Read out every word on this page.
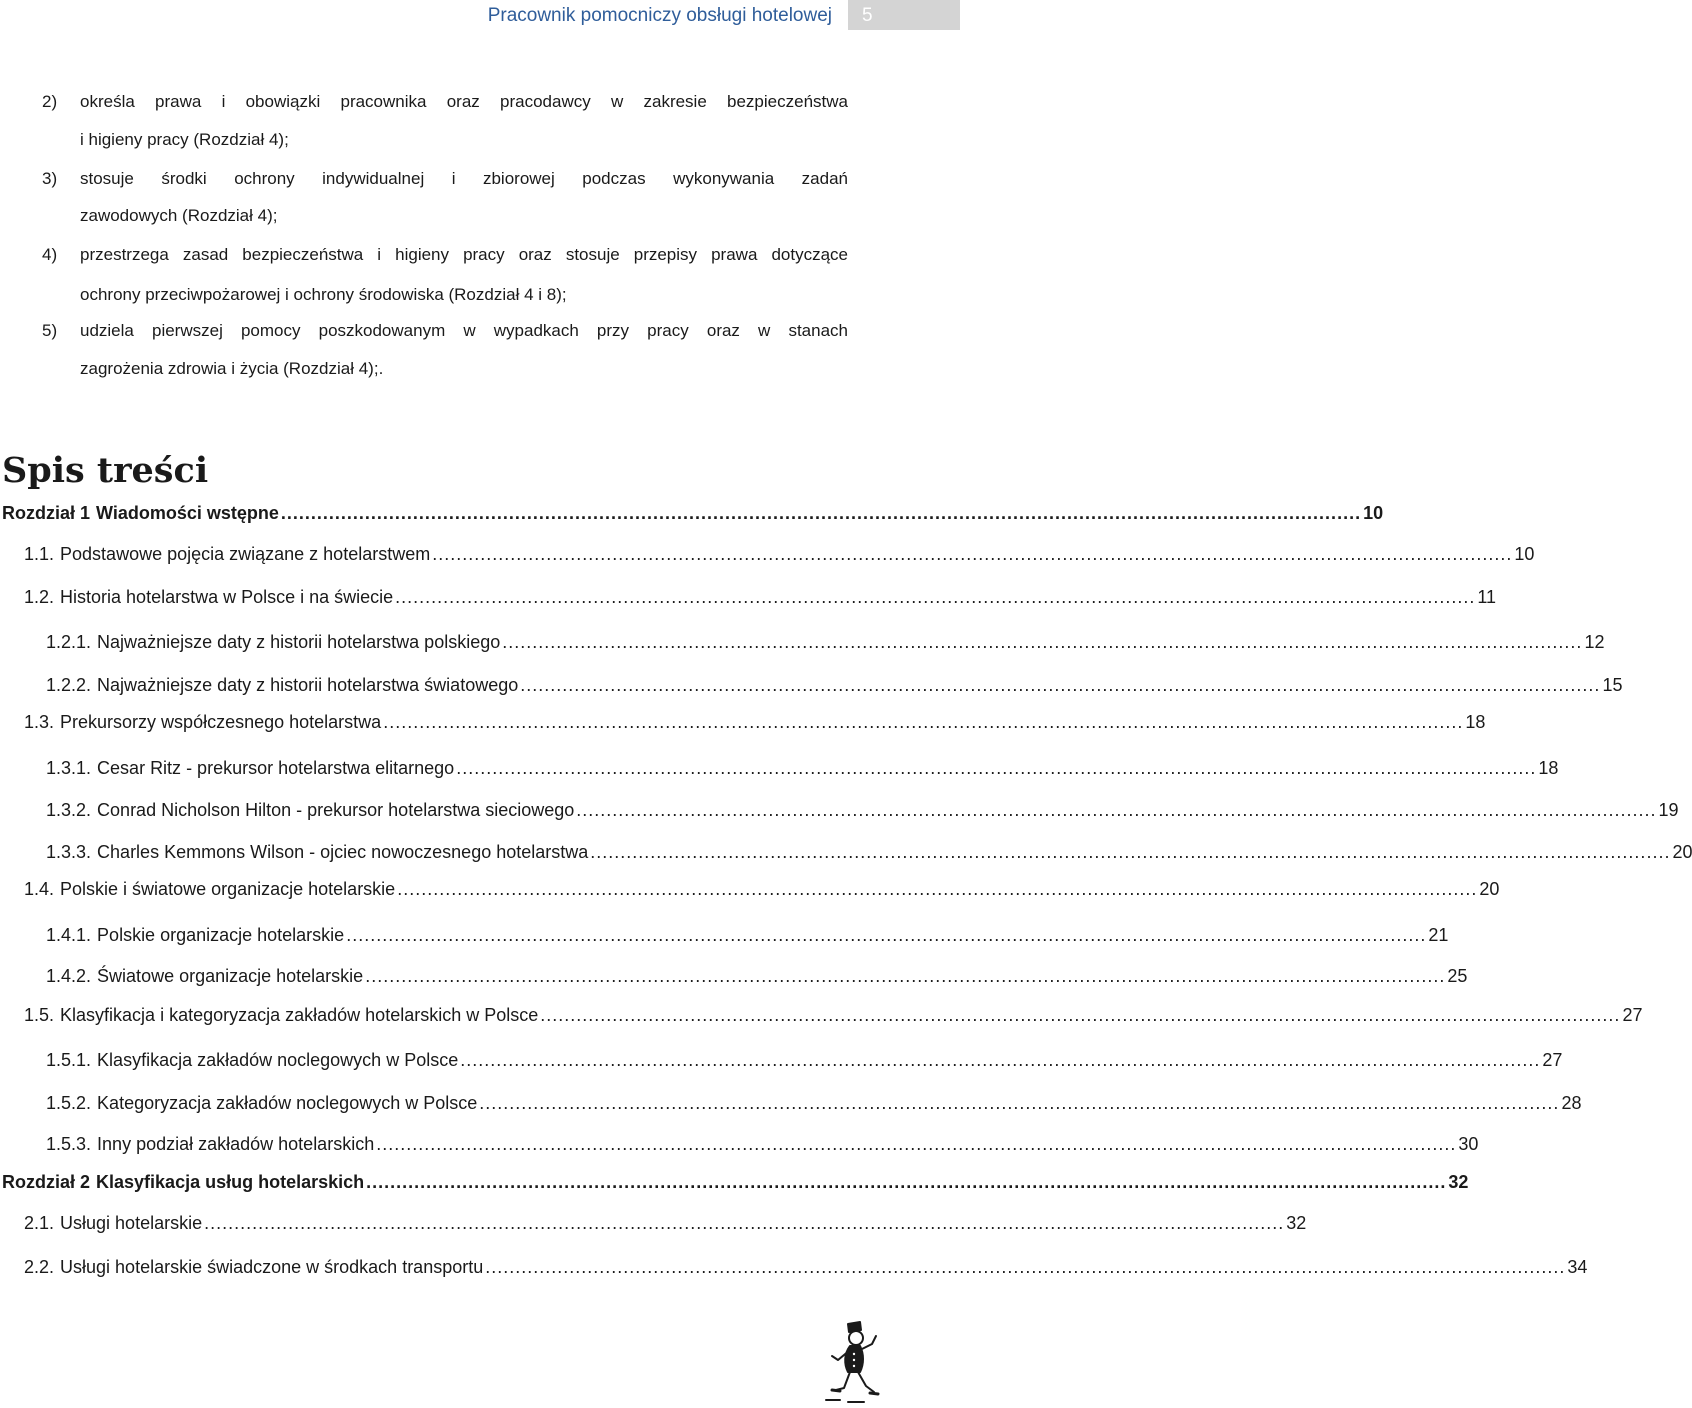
Pracownik pomocniczy obsługi hotelowej 5
2) określa prawa i obowiązki pracownika oraz pracodawcy w zakresie bezpieczeństwa
i higieny pracy (Rozdział 4);
3) stosuje środki ochrony indywidualnej i zbiorowej podczas wykonywania zadań
zawodowych (Rozdział 4);
4) przestrzega zasad bezpieczeństwa i higieny pracy oraz stosuje przepisy prawa dotyczące
ochrony przeciwpożarowej i ochrony środowiska (Rozdział 4 i 8);
5) udziela pierwszej pomocy poszkodowanym w wypadkach przy pracy oraz w stanach
zagrożenia zdrowia i życia (Rozdział 4);.
Spis treści
Rozdział 1 Wiadomości wstępne .................................................................................................................................................................................... 10
1.1. Podstawowe pojęcia związane z hotelarstwem .................................................................................................................................................................................... 10
1.2. Historia hotelarstwa w Polsce i na świecie .................................................................................................................................................................................... 11
1.2.1. Najważniejsze daty z historii hotelarstwa polskiego .................................................................................................................................................................................... 12
1.2.2. Najważniejsze daty z historii hotelarstwa światowego .................................................................................................................................................................................... 15
1.3. Prekursorzy współczesnego hotelarstwa .................................................................................................................................................................................... 18
1.3.1. Cesar Ritz - prekursor hotelarstwa elitarnego .................................................................................................................................................................................... 18
1.3.2. Conrad Nicholson Hilton - prekursor hotelarstwa sieciowego .................................................................................................................................................................................... 19
1.3.3. Charles Kemmons Wilson - ojciec nowoczesnego hotelarstwa .................................................................................................................................................................................... 20
1.4. Polskie i światowe organizacje hotelarskie .................................................................................................................................................................................... 20
1.4.1. Polskie organizacje hotelarskie .................................................................................................................................................................................... 21
1.4.2. Światowe organizacje hotelarskie .................................................................................................................................................................................... 25
1.5. Klasyfikacja i kategoryzacja zakładów hotelarskich w Polsce .................................................................................................................................................................................... 27
1.5.1. Klasyfikacja zakładów noclegowych w Polsce .................................................................................................................................................................................... 27
1.5.2. Kategoryzacja zakładów noclegowych w Polsce .................................................................................................................................................................................... 28
1.5.3. Inny podział zakładów hotelarskich .................................................................................................................................................................................... 30
Rozdział 2 Klasyfikacja usług hotelarskich .................................................................................................................................................................................... 32
2.1. Usługi hotelarskie .................................................................................................................................................................................... 32
2.2. Usługi hotelarskie świadczone w środkach transportu .................................................................................................................................................................................... 34
